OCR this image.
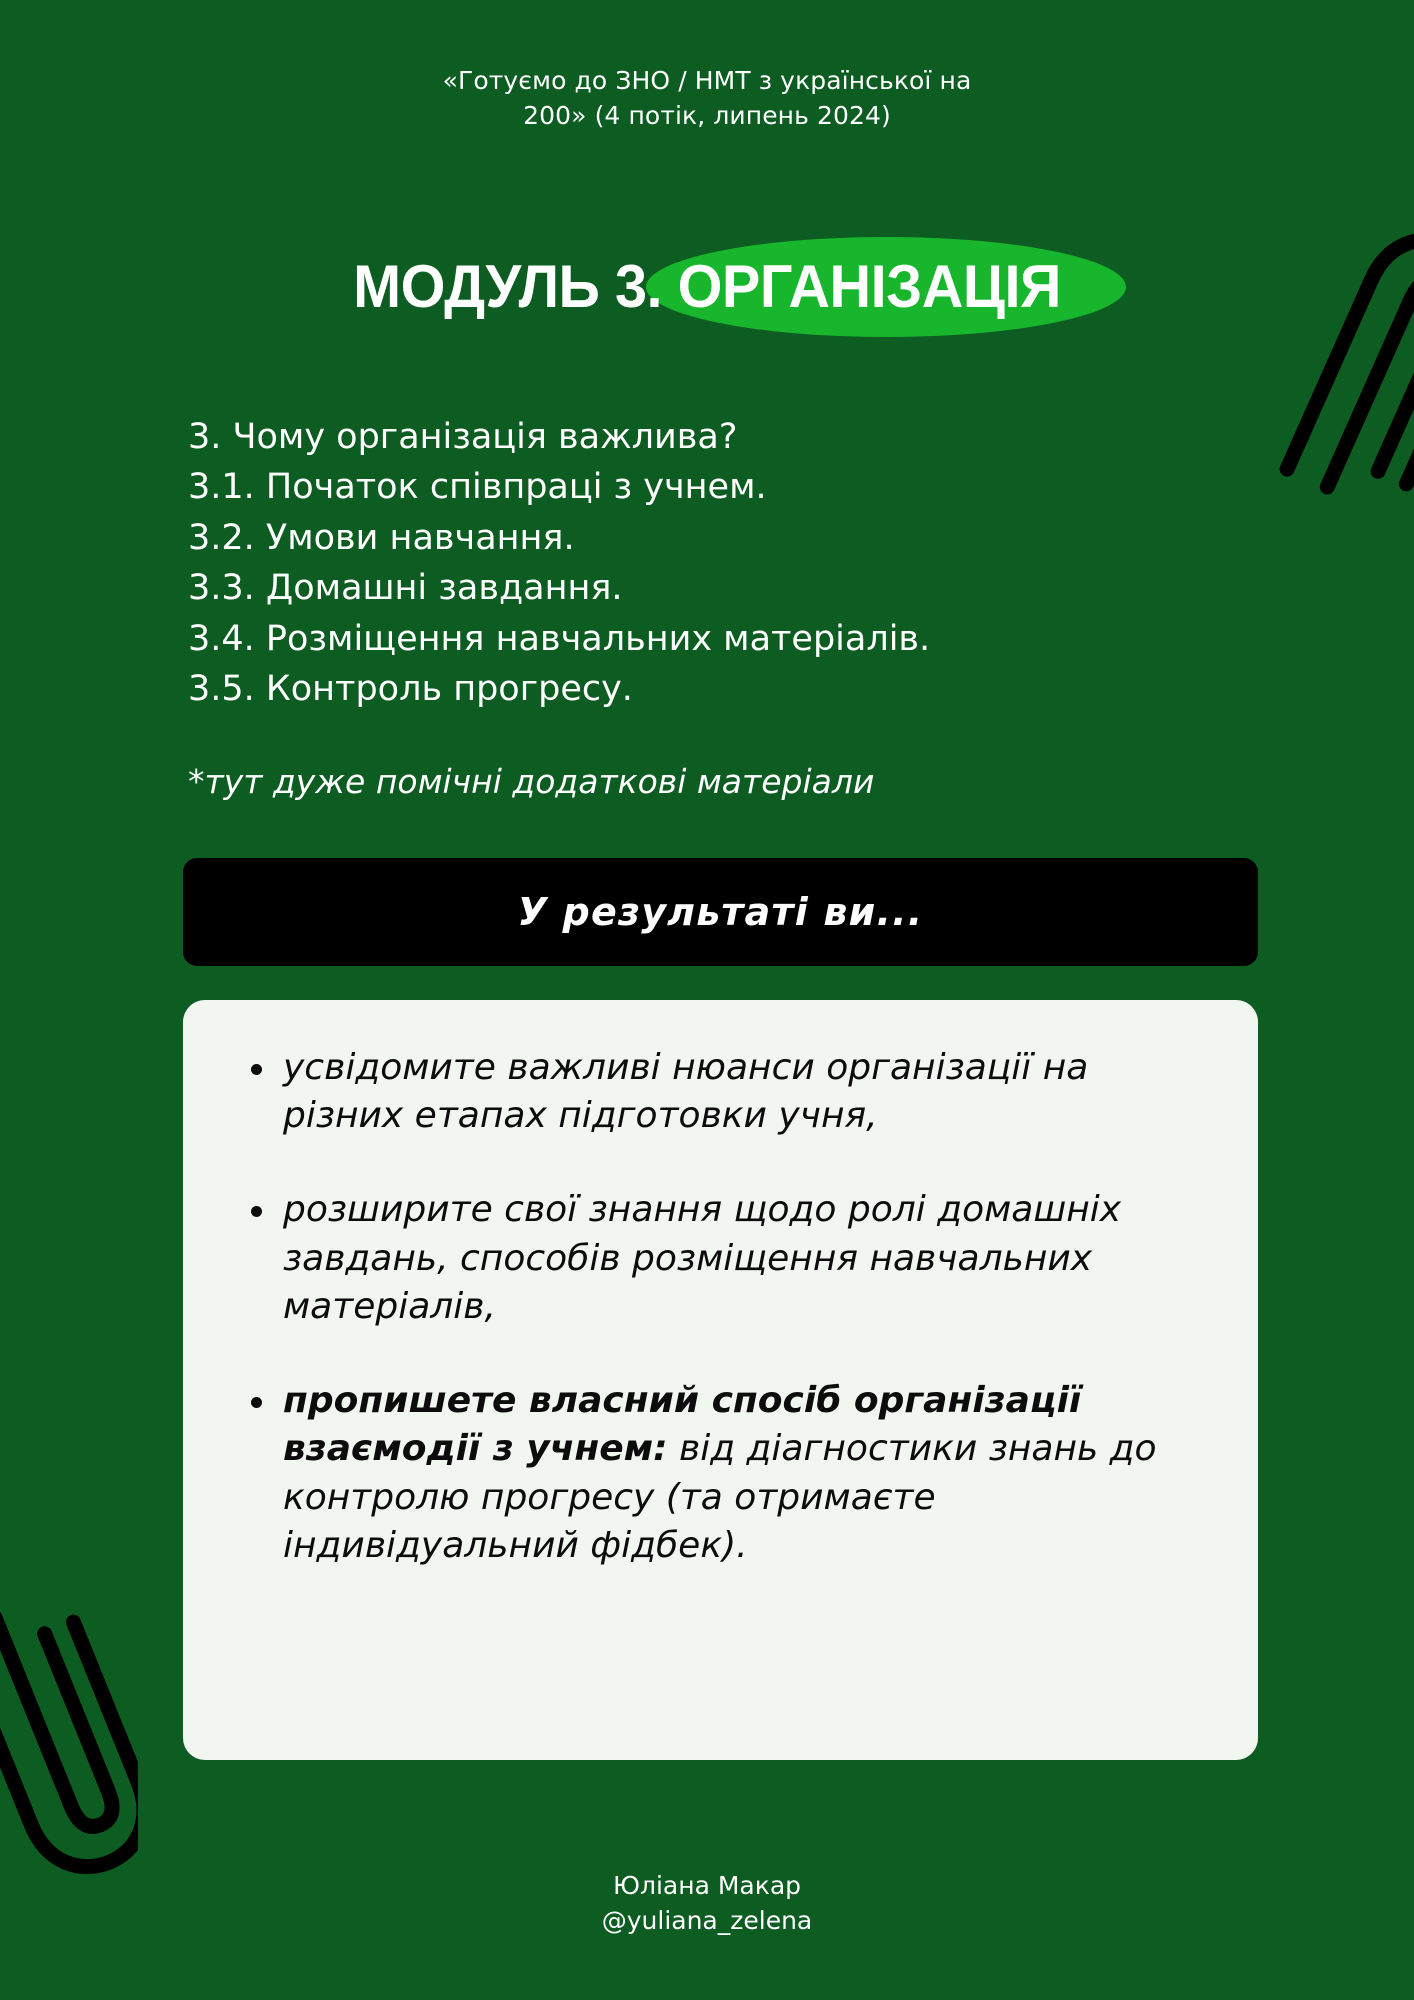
«Готуємо до ЗНО / НМТ з української на
200» (4 потік, липень 2024)
МОДУЛЬ 3. ОРГАНІЗАЦІЯ
3. Чому організація важлива?
3.1. Початок співпраці з учнем.
3.2. Умови навчання.
3.3. Домашні завдання.
3.4. Розміщення навчальних матеріалів.
3.5. Контроль прогресу.
*тут дуже помічні додаткові матеріали
У результаті ви...
усвідомите важливі нюанси організації на різних етапах підготовки учня,
розширите свої знання щодо ролі домашніх завдань, способів розміщення навчальних матеріалів,
пропишете власний спосіб організації взаємодії з учнем: від діагностики знань до контролю прогресу (та отримаєте індивідуальний фідбек).
Юліана Макар
@yuliana_zelena
